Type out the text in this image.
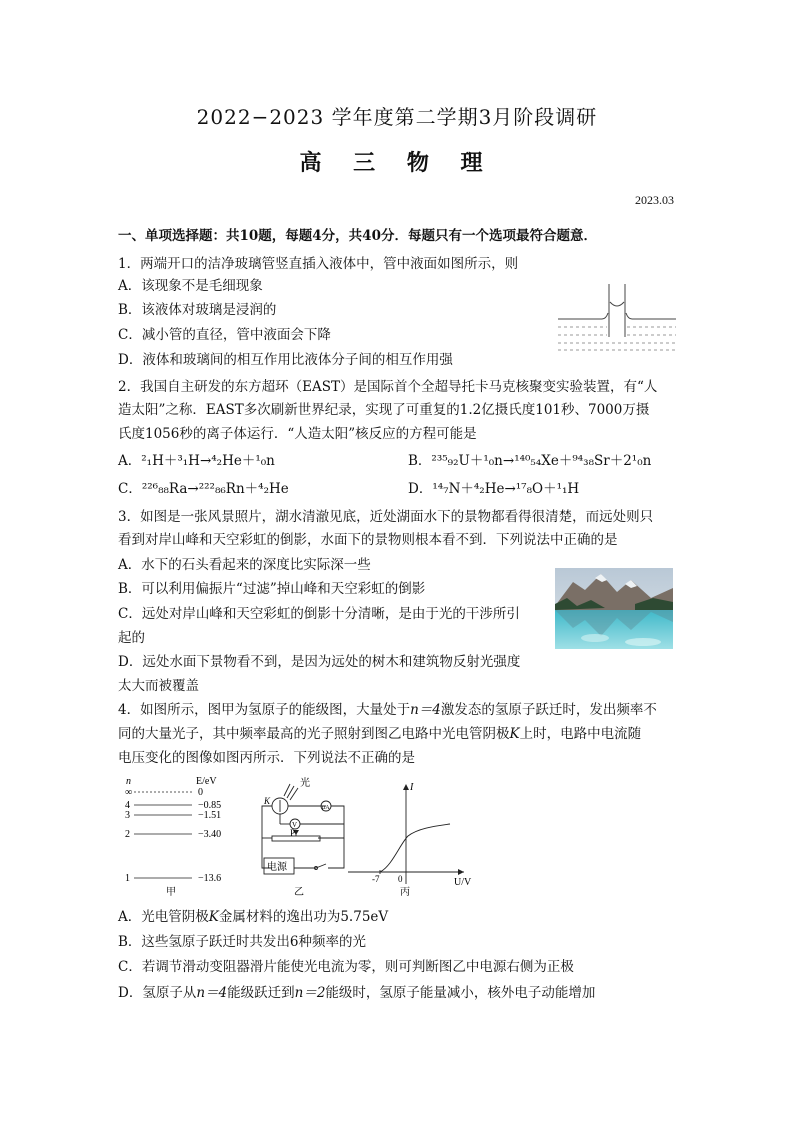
2022−2023 学年度第二学期3月阶段调研
高 三 物 理
2023.03
一、单项选择题：共10题，每题4分，共40分．每题只有一个选项最符合题意．
1．两端开口的洁净玻璃管竖直插入液体中，管中液面如图所示，则
A．该现象不是毛细现象
B．该液体对玻璃是浸润的
C．减小管的直径，管中液面会下降
D．液体和玻璃间的相互作用比液体分子间的相互作用强
2．我国自主研发的东方超环（EAST）是国际首个全超导托卡马克核聚变实验装置，有“人
造太阳”之称．EAST多次刷新世界纪录，实现了可重复的1.2亿摄氏度101秒、7000万摄
氏度1056秒的离子体运行．“人造太阳”核反应的方程可能是
A．²₁H＋³₁H→⁴₂He＋¹₀n	B．²³⁵₉₂U＋¹₀n→¹⁴⁰₅₄Xe＋⁹⁴₃₈Sr＋2¹₀n
C．²²⁶₈₈Ra→²²²₈₆Rn＋⁴₂He	D．¹⁴₇N＋⁴₂He→¹⁷₈O＋¹₁H
3．如图是一张风景照片，湖水清澈见底，近处湖面水下的景物都看得很清楚，而远处则只
看到对岸山峰和天空彩虹的倒影，水面下的景物则根本看不到．下列说法中正确的是
A．水下的石头看起来的深度比实际深一些
B．可以利用偏振片“过滤”掉山峰和天空彩虹的倒影
C．远处对岸山峰和天空彩虹的倒影十分清晰，是由于光的干涉所引
起的
D．远处水面下景物看不到，是因为远处的树木和建筑物反射光强度
太大而被覆盖
4．如图所示，图甲为氢原子的能级图，大量处于n＝4激发态的氢原子跃迁时，发出频率不
同的大量光子，其中频率最高的光子照射到图乙电路中光电管阴极K上时，电路中电流随
电压变化的图像如图丙所示．下列说法不正确的是
n	E/eV
∞	0
4	−0.85
3	−1.51
2	−3.40
1	−13.6
甲
光
K
V
μA
P
电源
乙
I
U/V
-7 0
丙
A．光电管阴极K金属材料的逸出功为5.75eV
B．这些氢原子跃迁时共发出6种频率的光
C．若调节滑动变阻器滑片能使光电流为零，则可判断图乙中电源右侧为正极
D．氢原子从n＝4能级跃迁到n＝2能级时，氢原子能量减小，核外电子动能增加
